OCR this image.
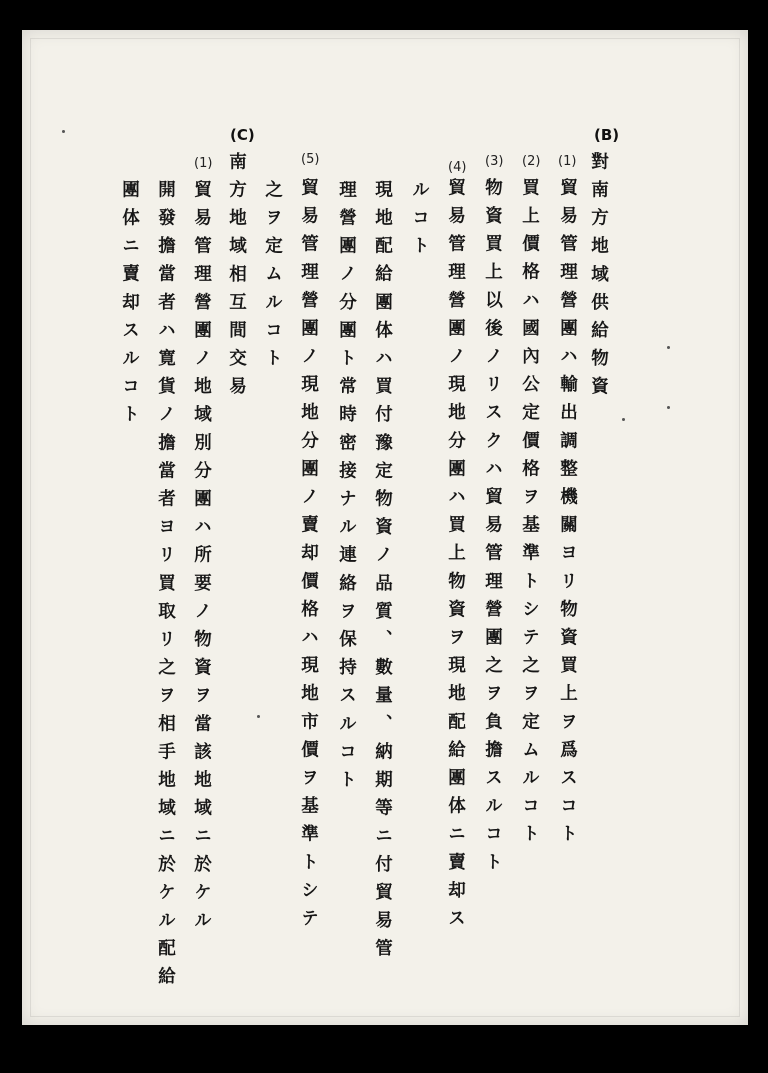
(B)
對南方地域供給物資
(1)
貿易管理營團ハ輸出調整機關ヨリ物資買上ヲ爲スコト
(2)
買上價格ハ國內公定價格ヲ基準トシテ之ヲ定ムルコト
(3)
物資買上以後ノリスクハ貿易管理營團之ヲ負擔スルコト
(4)
貿易管理營團ノ現地分團ハ買上物資ヲ現地配給團体ニ賣却ス
ルコト
現地配給團体ハ買付豫定物資ノ品質、數量、納期等ニ付貿易管
理營團ノ分團ト常時密接ナル連絡ヲ保持スルコト
(5)
貿易管理營團ノ現地分團ノ賣却價格ハ現地市價ヲ基準トシテ
之ヲ定ムルコト
(C)
南方地域相互間交易
(1)
貿易管理營團ノ地域別分團ハ所要ノ物資ヲ當該地域ニ於ケル
開發擔當者ハ寛貨ノ擔當者ヨリ買取リ之ヲ相手地域ニ於ケル配給
團体ニ賣却スルコト
